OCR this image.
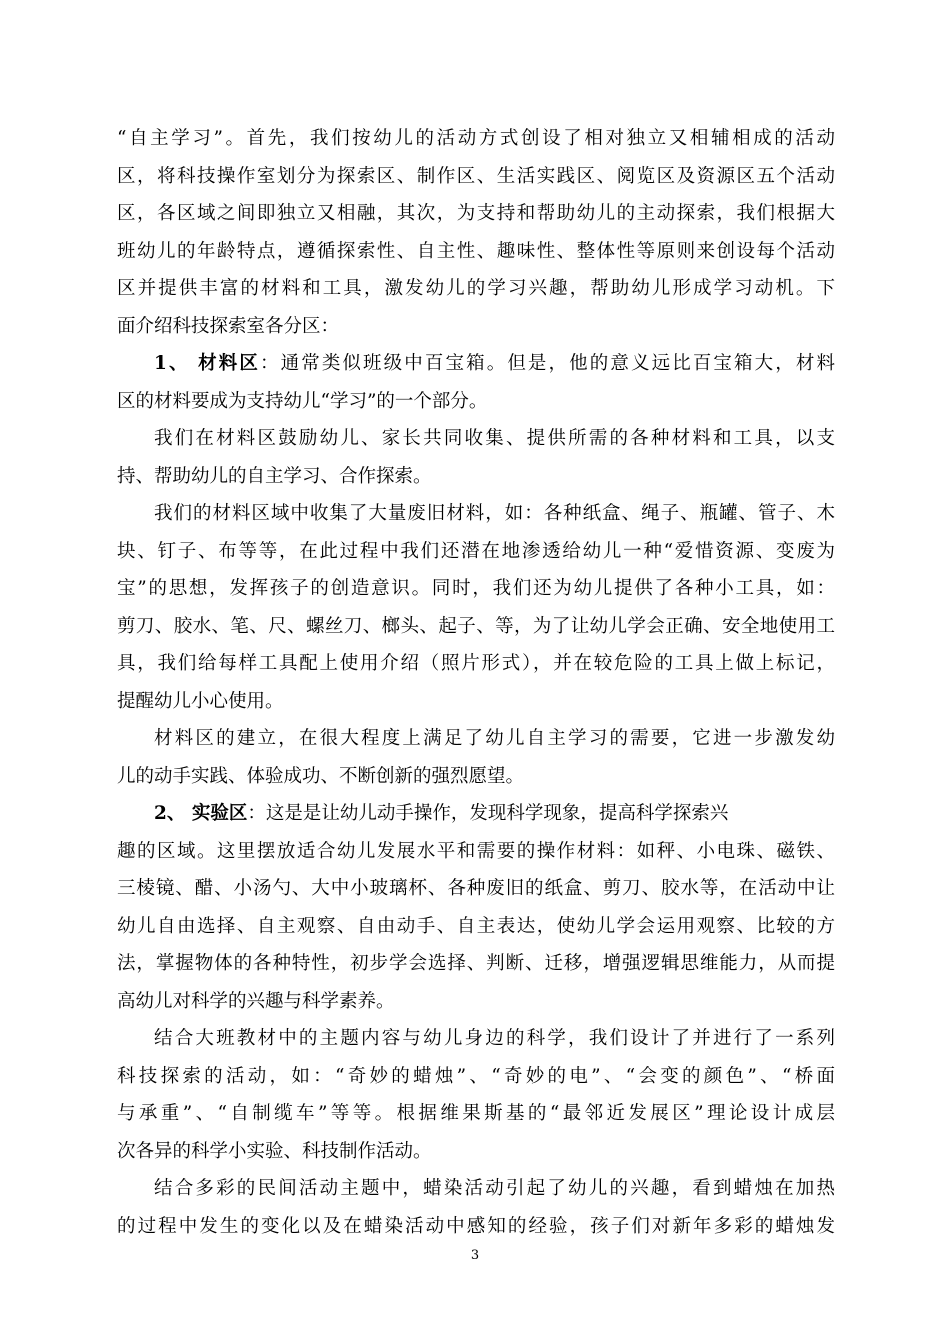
“自主学习”。首先，我们按幼儿的活动方式创设了相对独立又相辅相成的活动
区，将科技操作室划分为探索区、制作区、生活实践区、阅览区及资源区五个活动
区，各区域之间即独立又相融，其次，为支持和帮助幼儿的主动探索，我们根据大
班幼儿的年龄特点，遵循探索性、自主性、趣味性、整体性等原则来创设每个活动
区并提供丰富的材料和工具，激发幼儿的学习兴趣，帮助幼儿形成学习动机。下
面介绍科技探索室各分区：
1、 材料区：通常类似班级中百宝箱。但是，他的意义远比百宝箱大，材料
区的材料要成为支持幼儿“学习”的一个部分。
我们在材料区鼓励幼儿、家长共同收集、提供所需的各种材料和工具，以支
持、帮助幼儿的自主学习、合作探索。
我们的材料区域中收集了大量废旧材料，如：各种纸盒、绳子、瓶罐、管子、木
块、钉子、布等等，在此过程中我们还潜在地渗透给幼儿一种“爱惜资源、变废为
宝”的思想，发挥孩子的创造意识。同时，我们还为幼儿提供了各种小工具，如：
剪刀、胶水、笔、尺、螺丝刀、榔头、起子、等，为了让幼儿学会正确、安全地使用工
具，我们给每样工具配上使用介绍（照片形式），并在较危险的工具上做上标记，
提醒幼儿小心使用。
材料区的建立，在很大程度上满足了幼儿自主学习的需要，它进一步激发幼
儿的动手实践、体验成功、不断创新的强烈愿望。
2、 实验区：这是是让幼儿动手操作，发现科学现象，提高科学探索兴
趣的区域。这里摆放适合幼儿发展水平和需要的操作材料：如秤、小电珠、磁铁、
三棱镜、醋、小汤勺、大中小玻璃杯、各种废旧的纸盒、剪刀、胶水等，在活动中让
幼儿自由选择、自主观察、自由动手、自主表达，使幼儿学会运用观察、比较的方
法，掌握物体的各种特性，初步学会选择、判断、迁移，增强逻辑思维能力，从而提
高幼儿对科学的兴趣与科学素养。
结合大班教材中的主题内容与幼儿身边的科学，我们设计了并进行了一系列
科技探索的活动，如：“奇妙的蜡烛”、“奇妙的电”、“会变的颜色”、“桥面
与承重”、“自制缆车”等等。根据维果斯基的“最邻近发展区”理论设计成层
次各异的科学小实验、科技制作活动。
结合多彩的民间活动主题中，蜡染活动引起了幼儿的兴趣，看到蜡烛在加热
的过程中发生的变化以及在蜡染活动中感知的经验，孩子们对新年多彩的蜡烛发
3
